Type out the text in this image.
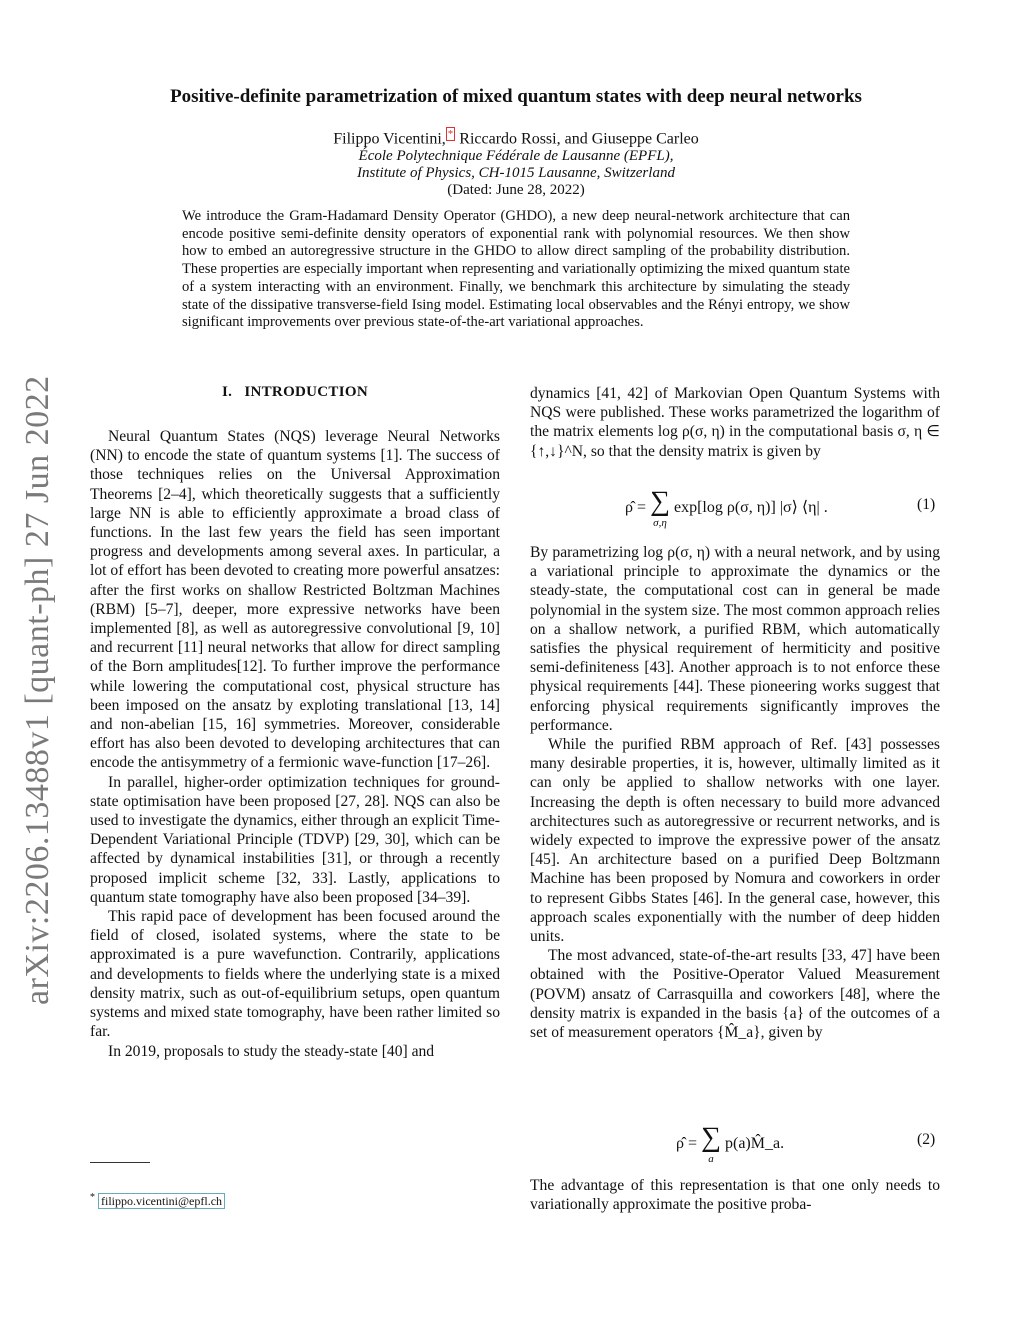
arXiv:2206.13488v1 [quant-ph] 27 Jun 2022
Positive-definite parametrization of mixed quantum states with deep neural networks
Filippo Vicentini, * Riccardo Rossi, and Giuseppe Carleo
École Polytechnique Fédérale de Lausanne (EPFL),
Institute of Physics, CH-1015 Lausanne, Switzerland
(Dated: June 28, 2022)
We introduce the Gram-Hadamard Density Operator (GHDO), a new deep neural-network architecture that can encode positive semi-definite density operators of exponential rank with polynomial resources. We then show how to embed an autoregressive structure in the GHDO to allow direct sampling of the probability distribution. These properties are especially important when representing and variationally optimizing the mixed quantum state of a system interacting with an environment. Finally, we benchmark this architecture by simulating the steady state of the dissipative transverse-field Ising model. Estimating local observables and the Rényi entropy, we show significant improvements over previous state-of-the-art variational approaches.
I. INTRODUCTION

Neural Quantum States (NQS) leverage Neural Networks (NN) to encode the state of quantum systems [1]. The success of those techniques relies on the Universal Approximation Theorems [2–4], which theoretically suggests that a sufficiently large NN is able to efficiently approximate a broad class of functions. In the last few years the field has seen important progress and developments among several axes. In particular, a lot of effort has been devoted to creating more powerful ansatzes: after the first works on shallow Restricted Boltzman Machines (RBM) [5–7], deeper, more expressive networks have been implemented [8], as well as autoregressive convolutional [9, 10] and recurrent [11] neural networks that allow for direct sampling of the Born amplitudes[12]. To further improve the performance while lowering the computational cost, physical structure has been imposed on the ansatz by exploting translational [13, 14] and non-abelian [15, 16] symmetries. Moreover, considerable effort has also been devoted to developing architectures that can encode the antisymmetry of a fermionic wave-function [17–26].

In parallel, higher-order optimization techniques for ground-state optimisation have been proposed [27, 28]. NQS can also be used to investigate the dynamics, either through an explicit Time-Dependent Variational Principle (TDVP) [29, 30], which can be affected by dynamical instabilities [31], or through a recently proposed implicit scheme [32, 33]. Lastly, applications to quantum state tomography have also been proposed [34–39].

This rapid pace of development has been focused around the field of closed, isolated systems, where the state to be approximated is a pure wavefunction. Contrarily, applications and developments to fields where the underlying state is a mixed density matrix, such as out-of-equilibrium setups, open quantum systems and mixed state tomography, have been rather limited so far.

In 2019, proposals to study the steady-state [40] and

dynamics [41, 42] of Markovian Open Quantum Systems with NQS were published. These works parametrized the logarithm of the matrix elements log ρ(σ, η) in the computational basis σ, η ∈ {↑,↓}^N, so that the density matrix is given by

ρ̂ = ∑
σ,η
exp[log ρ(σ, η)] |σ⟩ ⟨η| .	(1)

By parametrizing log ρ(σ, η) with a neural network, and by using a variational principle to approximate the dynamics or the steady-state, the computational cost can in general be made polynomial in the system size. The most common approach relies on a shallow network, a purified RBM, which automatically satisfies the physical requirement of hermiticity and positive semi-definiteness [43]. Another approach is to not enforce these physical requirements [44]. These pioneering works suggest that enforcing physical requirements significantly improves the performance.

While the purified RBM approach of Ref. [43] possesses many desirable properties, it is, however, ultimally limited as it can only be applied to shallow networks with one layer. Increasing the depth is often necessary to build more advanced architectures such as autoregressive or recurrent networks, and is widely expected to improve the expressive power of the ansatz [45]. An architecture based on a purified Deep Boltzmann Machine has been proposed by Nomura and coworkers in order to represent Gibbs States [46]. In the general case, however, this approach scales exponentially with the number of deep hidden units.

The most advanced, state-of-the-art results [33, 47] have been obtained with the Positive-Operator Valued Measurement (POVM) ansatz of Carrasquilla and coworkers [48], where the density matrix is expanded in the basis {a} of the outcomes of a set of measurement operators {M̂_a}, given by

ρ̂ = ∑
a
p(a)M̂_a.	(2)

The advantage of this representation is that one only needs to variationally approximate the positive proba-

* filippo.vicentini@epfl.ch
